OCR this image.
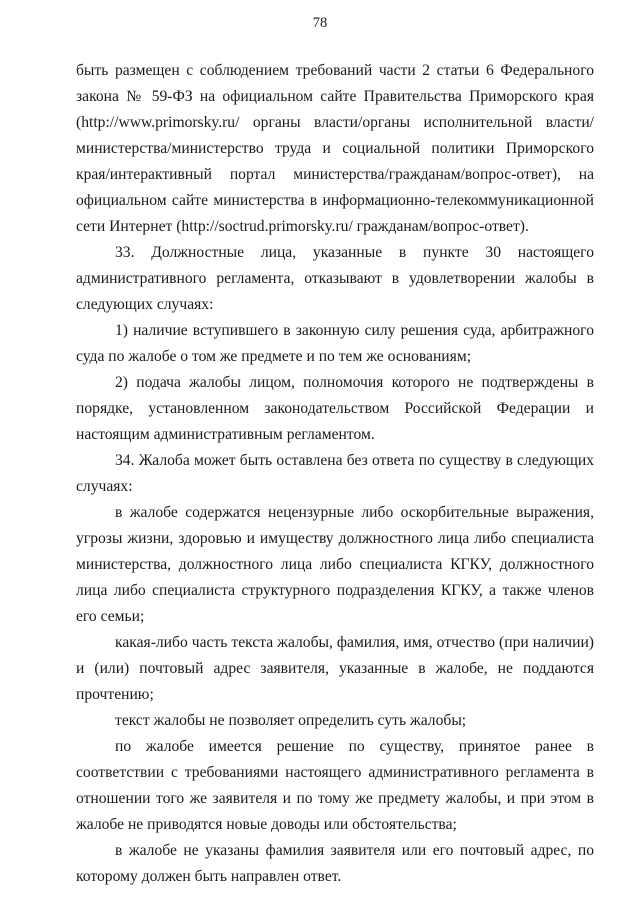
78

быть размещен с соблюдением требований части 2 статьи 6 Федерального закона № 59-ФЗ на официальном сайте Правительства Приморского края (http://www.primorsky.ru/ органы власти/органы исполнительной власти/министерства/министерство труда и социальной политики Приморского края/интерактивный портал министерства/гражданам/вопрос-ответ), на официальном сайте министерства в информационно-телекоммуникационной сети Интернет (http://soctrud.primorsky.ru/ гражданам/вопрос-ответ).

33. Должностные лица, указанные в пункте 30 настоящего административного регламента, отказывают в удовлетворении жалобы в следующих случаях:

1) наличие вступившего в законную силу решения суда, арбитражного суда по жалобе о том же предмете и по тем же основаниям;

2) подача жалобы лицом, полномочия которого не подтверждены в порядке, установленном законодательством Российской Федерации и настоящим административным регламентом.

34. Жалоба может быть оставлена без ответа по существу в следующих случаях:

в жалобе содержатся нецензурные либо оскорбительные выражения, угрозы жизни, здоровью и имуществу должностного лица либо специалиста министерства, должностного лица либо специалиста КГКУ, должностного лица либо специалиста структурного подразделения КГКУ, а также членов его семьи;

какая-либо часть текста жалобы, фамилия, имя, отчество (при наличии) и (или) почтовый адрес заявителя, указанные в жалобе, не поддаются прочтению;

текст жалобы не позволяет определить суть жалобы;

по жалобе имеется решение по существу, принятое ранее в соответствии с требованиями настоящего административного регламента в отношении того же заявителя и по тому же предмету жалобы, и при этом в жалобе не приводятся новые доводы или обстоятельства;

в жалобе не указаны фамилия заявителя или его почтовый адрес, по которому должен быть направлен ответ.
